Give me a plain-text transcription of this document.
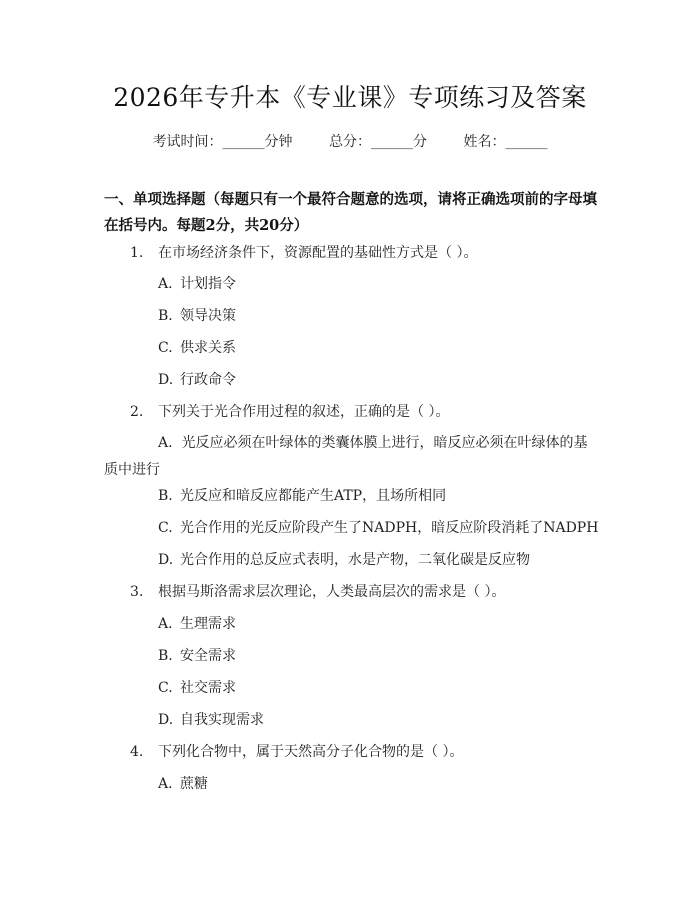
2026年专升本《专业课》专项练习及答案
考试时间：______分钟	总分：______分	姓名：______
一、单项选择题（每题只有一个最符合题意的选项，请将正确选项前的字母填在括号内。每题2分，共20分）
1. 在市场经济条件下，资源配置的基础性方式是（ ）。
A. 计划指令
B. 领导决策
C. 供求关系
D. 行政命令
2. 下列关于光合作用过程的叙述，正确的是（ ）。
A. 光反应必须在叶绿体的类囊体膜上进行，暗反应必须在叶绿体的基质中进行
B. 光反应和暗反应都能产生ATP，且场所相同
C. 光合作用的光反应阶段产生了NADPH，暗反应阶段消耗了NADPH
D. 光合作用的总反应式表明，水是产物，二氧化碳是反应物
3. 根据马斯洛需求层次理论，人类最高层次的需求是（ ）。
A. 生理需求
B. 安全需求
C. 社交需求
D. 自我实现需求
4. 下列化合物中，属于天然高分子化合物的是（ ）。
A. 蔗糖
